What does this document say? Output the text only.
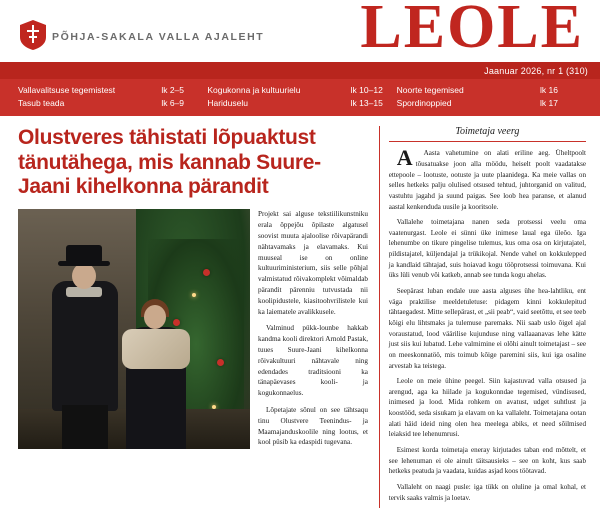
PÕHJA-SAKALA VALLA AJALEHT LEOLE
Jaanuar 2026, nr 1 (310)
Vallavalitsuse tegemistest	lk 2–5	Kogukonna ja kultuurielu	lk 10–12	Noorte tegemised	lk 16
Tasub teada	lk 6–9	Hariduselu	lk 13–15	Spordinoppied	lk 17
Olustveres tähistati lõpuaktust tänutähega, mis kannab Suure-Jaani kihelkonna pärandit

Projekt sai alguse tekstiilikunstniku erala õppejõu õpilaste algatusel soovist muuta ajaloolise rõivapärandi nähtavamaks ja elavamaks. Kui muuseal ise on online kultuuriministerium, siis selle põhjal valmistatud rõivakomplekt võimaldab pärandit pärenniu tutvustada nii koolipidustele, kiasitoohvrilistele kui ka laiematele avalikkusele.

Valminud pükk-lounbe hakkab kandma kooli direktori Arnold Pastak, tuues Suure-Jaani kihelkonna rõivakultuuri nähtavale ning edendades traditsiooni ka tänapäevases kooli- ja kogukonnaelus.

Lõpetajate sõnul on see tähtsaqu tinu Olustvere Teenindus- ja Maamajanduskoolile ning lootus, et kool püsib ka edaspidi tugevana.

Toimetaja veerg

A	Aasta vahetumine on alati eriline aeg. Üheltpoolt tõusatuakse joon alla möödu, heiselt poolt vaadatakse ettepoole – lootuste, ootuste ja uute plaanidega. Ka meie vallas on selles hetkeks palju olulised otsused tehtud, juhtorganid on valitud, vastuhtu jagahd ja suund paigas. See loob hea paranse, et alanud aastal kenkenduda uusile ja kooritsole.

Vallalehe toimetajana nanen seda protsessi veelu oma vaatenurgast. Leole ei sünni üke inimese laual ega üleõo. Iga lehenumbe on tikure pingelise tulemus, kus oma osa on kirjutajatel, pildistajatel, küljendajal ja trükikojal. Nende vahel on kokkulepped ja kandlaid tähtajad, suis hoiavad kogu tööprotsessi toimuvana. Kui üks lüli venub või katkeb, annab see tunda kogu ahelas.

Seepärast luban endale uue aasta alguses ühe hea-lahtliku, ent väga praktilise meeldetuletuse: pidagem kinni kokkulepitud tähtaegadest. Mitte sellepärast, et „sii peab“, vaid seetõttu, et see teeb kõigi elu lihtsmaks ja tulemuse paremaks. Nii saab uslo õigel ajal voraustatud, lood väärilise kujunduse ning vallaaanavas lehe kätte just siis kui lubatud. Lehe valmimine ei olõhi ainult toimetajast – see on meeskonnatöö, mis toimub kõige paremini siis, kui iga osaline arvestab ka teistega.

Leole on meie ühine peegel. Siin kajastuvad valla otsused ja arengud, aga ka hiilade ja kogukonndae tegemised, vündisused, inimesed ja lood. Mida rohkem on avatust, udget suhtlust ja koostööd, seda sisukam ja elavam on ka vallaleht. Toimetajana ootan alati häid ideid ning olen hea meelega abiks, et need sõilmised leiaksid tee lehenumrusi.

Esimest korda toimetaja eneray kirjutades taban end mõttelt, et see lehenuman ei ole ainult täitsausieks – see on koht, kus saab hetkeks peatuda ja vaadata, kuidas asjad koos töötavad.

Vallaleht on naagi pusle: iga tükk on oluline ja omal kohal, et tervik saaks valmis ja loetav.
